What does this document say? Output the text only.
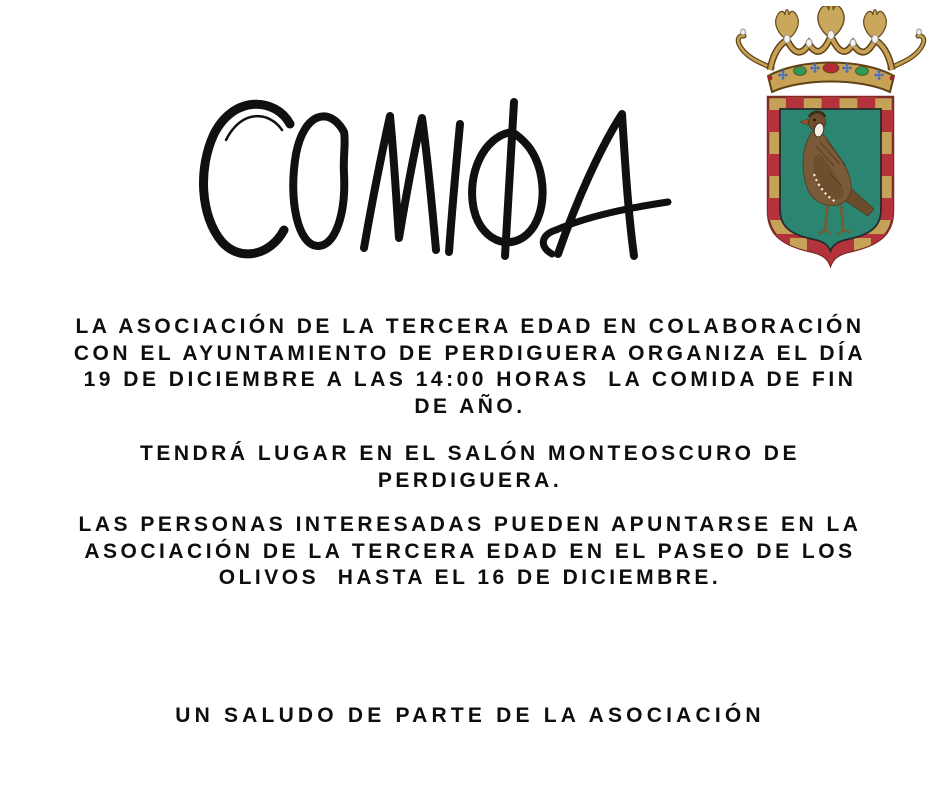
LA ASOCIACIÓN DE LA TERCERA EDAD EN COLABORACIÓN
CON EL AYUNTAMIENTO DE PERDIGUERA ORGANIZA EL DÍA
19 DE DICIEMBRE A LAS 14:00 HORAS  LA COMIDA DE FIN
DE AÑO.
TENDRÁ LUGAR EN EL SALÓN MONTEOSCURO DE
PERDIGUERA.
LAS PERSONAS INTERESADAS PUEDEN APUNTARSE EN LA
ASOCIACIÓN DE LA TERCERA EDAD EN EL PASEO DE LOS
OLIVOS  HASTA EL 16 DE DICIEMBRE.
UN SALUDO DE PARTE DE LA ASOCIACIÓN
